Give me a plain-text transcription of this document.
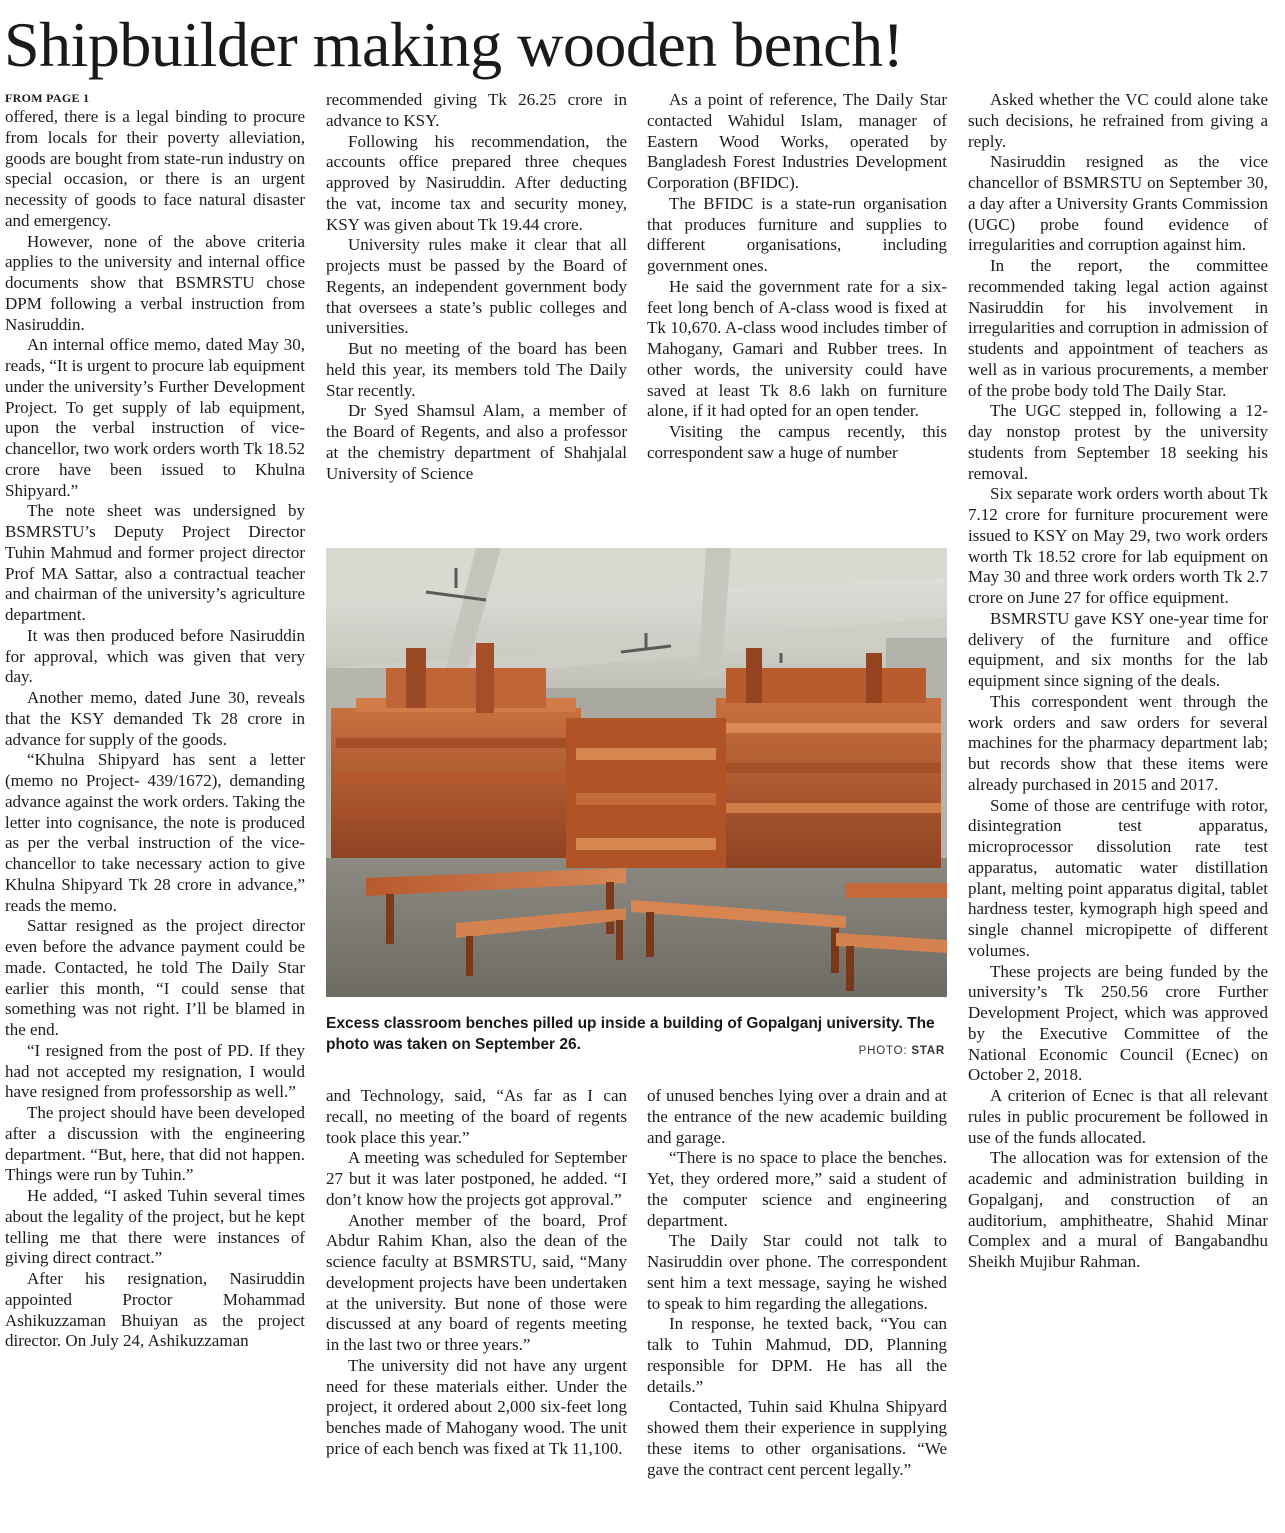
Shipbuilder making wooden bench!
FROM PAGE 1

offered, there is a legal binding to procure from locals for their poverty alleviation, goods are bought from state-run industry on special occasion, or there is an urgent necessity of goods to face natural disaster and emergency.

However, none of the above criteria applies to the university and internal office documents show that BSMRSTU chose DPM following a verbal instruction from Nasiruddin.

An internal office memo, dated May 30, reads, “It is urgent to procure lab equipment under the university’s Further Development Project. To get supply of lab equipment, upon the verbal instruction of vice-chancellor, two work orders worth Tk 18.52 crore have been issued to Khulna Shipyard.”

The note sheet was undersigned by BSMRSTU’s Deputy Project Director Tuhin Mahmud and former project director Prof MA Sattar, also a contractual teacher and chairman of the university’s agriculture department.

It was then produced before Nasiruddin for approval, which was given that very day.

Another memo, dated June 30, reveals that the KSY demanded Tk 28 crore in advance for supply of the goods.

“Khulna Shipyard has sent a letter (memo no Project- 439/1672), demanding advance against the work orders. Taking the letter into cognisance, the note is produced as per the verbal instruction of the vice-chancellor to take necessary action to give Khulna Shipyard Tk 28 crore in advance,” reads the memo.

Sattar resigned as the project director even before the advance payment could be made. Contacted, he told The Daily Star earlier this month, “I could sense that something was not right. I’ll be blamed in the end.

“I resigned from the post of PD. If they had not accepted my resignation, I would have resigned from professorship as well.”

The project should have been developed after a discussion with the engineering department. “But, here, that did not happen. Things were run by Tuhin.”

He added, “I asked Tuhin several times about the legality of the project, but he kept telling me that there were instances of giving direct contract.”

After his resignation, Nasiruddin appointed Proctor Mohammad Ashikuzzaman Bhuiyan as the project director. On July 24, Ashikuzzaman

recommended giving Tk 26.25 crore in advance to KSY.

Following his recommendation, the accounts office prepared three cheques approved by Nasiruddin. After deducting the vat, income tax and security money, KSY was given about Tk 19.44 crore.

University rules make it clear that all projects must be passed by the Board of Regents, an independent government body that oversees a state’s public colleges and universities.

But no meeting of the board has been held this year, its members told The Daily Star recently.

Dr Syed Shamsul Alam, a member of the Board of Regents, and also a professor at the chemistry department of Shahjalal University of Science

As a point of reference, The Daily Star contacted Wahidul Islam, manager of Eastern Wood Works, operated by Bangladesh Forest Industries Development Corporation (BFIDC).

The BFIDC is a state-run organisation that produces furniture and supplies to different organisations, including government ones.

He said the government rate for a six-feet long bench of A-class wood is fixed at Tk 10,670. A-class wood includes timber of Mahogany, Gamari and Rubber trees. In other words, the university could have saved at least Tk 8.6 lakh on furniture alone, if it had opted for an open tender.

Visiting the campus recently, this correspondent saw a huge of number

Asked whether the VC could alone take such decisions, he refrained from giving a reply.

Nasiruddin resigned as the vice chancellor of BSMRSTU on September 30, a day after a University Grants Commission (UGC) probe found evidence of irregularities and corruption against him.

In the report, the committee recommended taking legal action against Nasiruddin for his involvement in irregularities and corruption in admission of students and appointment of teachers as well as in various procurements, a member of the probe body told The Daily Star.

The UGC stepped in, following a 12-day nonstop protest by the university students from September 18 seeking his removal.

Six separate work orders worth about Tk 7.12 crore for furniture procurement were issued to KSY on May 29, two work orders worth Tk 18.52 crore for lab equipment on May 30 and three work orders worth Tk 2.7 crore on June 27 for office equipment.

BSMRSTU gave KSY one-year time for delivery of the furniture and office equipment, and six months for the lab equipment since signing of the deals.

This correspondent went through the work orders and saw orders for several machines for the pharmacy department lab; but records show that these items were already purchased in 2015 and 2017.

Some of those are centrifuge with rotor, disintegration test apparatus, microprocessor dissolution rate test apparatus, automatic water distillation plant, melting point apparatus digital, tablet hardness tester, kymograph high speed and single channel micropipette of different volumes.

These projects are being funded by the university’s Tk 250.56 crore Further Development Project, which was approved by the Executive Committee of the National Economic Council (Ecnec) on October 2, 2018.

A criterion of Ecnec is that all relevant rules in public procurement be followed in use of the funds allocated.

The allocation was for extension of the academic and administration building in Gopalganj, and construction of an auditorium, amphitheatre, Shahid Minar Complex and a mural of Bangabandhu Sheikh Mujibur Rahman.

Excess classroom benches pilled up inside a building of Gopalganj university. The photo was taken on September 26.	PHOTO: STAR

and Technology, said, “As far as I can recall, no meeting of the board of regents took place this year.”

A meeting was scheduled for September 27 but it was later postponed, he added. “I don’t know how the projects got approval.”

Another member of the board, Prof Abdur Rahim Khan, also the dean of the science faculty at BSMRSTU, said, “Many development projects have been undertaken at the university. But none of those were discussed at any board of regents meeting in the last two or three years.”

The university did not have any urgent need for these materials either. Under the project, it ordered about 2,000 six-feet long benches made of Mahogany wood. The unit price of each bench was fixed at Tk 11,100.

of unused benches lying over a drain and at the entrance of the new academic building and garage.

“There is no space to place the benches. Yet, they ordered more,” said a student of the computer science and engineering department.

The Daily Star could not talk to Nasiruddin over phone. The correspondent sent him a text message, saying he wished to speak to him regarding the allegations.

In response, he texted back, “You can talk to Tuhin Mahmud, DD, Planning responsible for DPM. He has all the details.”

Contacted, Tuhin said Khulna Shipyard showed them their experience in supplying these items to other organisations. “We gave the contract cent percent legally.”
